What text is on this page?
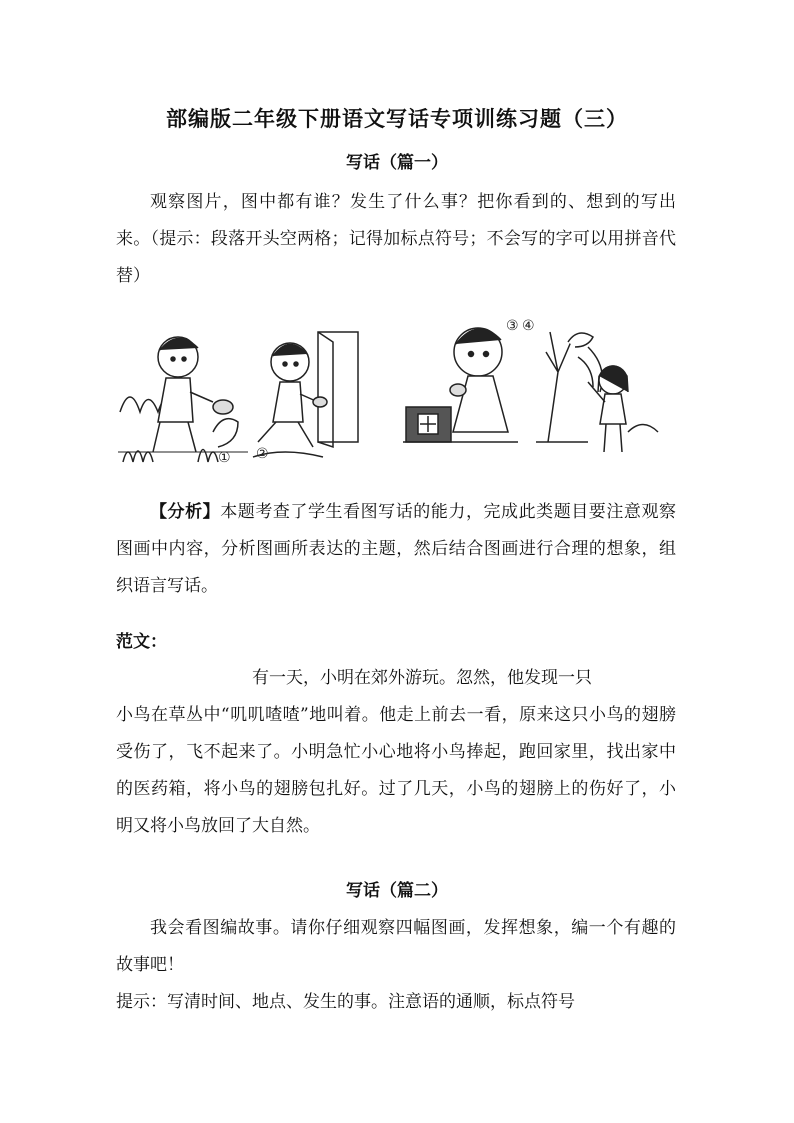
部编版二年级下册语文写话专项训练习题（三）
写话（篇一）

观察图片，图中都有谁？发生了什么事？把你看到的、想到的写出来。（提示：段落开头空两格；记得加标点符号；不会写的字可以用拼音代替）

① ②
③ ④

【分析】本题考查了学生看图写话的能力，完成此类题目要注意观察图画中内容，分析图画所表达的主题，然后结合图画进行合理的想象，组织语言写话。

范文：

有一天，小明在郊外游玩。忽然，他发现一只

小鸟在草丛中“叽叽喳喳”地叫着。他走上前去一看，原来这只小鸟的翅膀受伤了，飞不起来了。小明急忙小心地将小鸟捧起，跑回家里，找出家中的医药箱，将小鸟的翅膀包扎好。过了几天，小鸟的翅膀上的伤好了，小明又将小鸟放回了大自然。

写话（篇二）

我会看图编故事。请你仔细观察四幅图画，发挥想象，编一个有趣的故事吧！

提示：写清时间、地点、发生的事。注意语的通顺，标点符号
